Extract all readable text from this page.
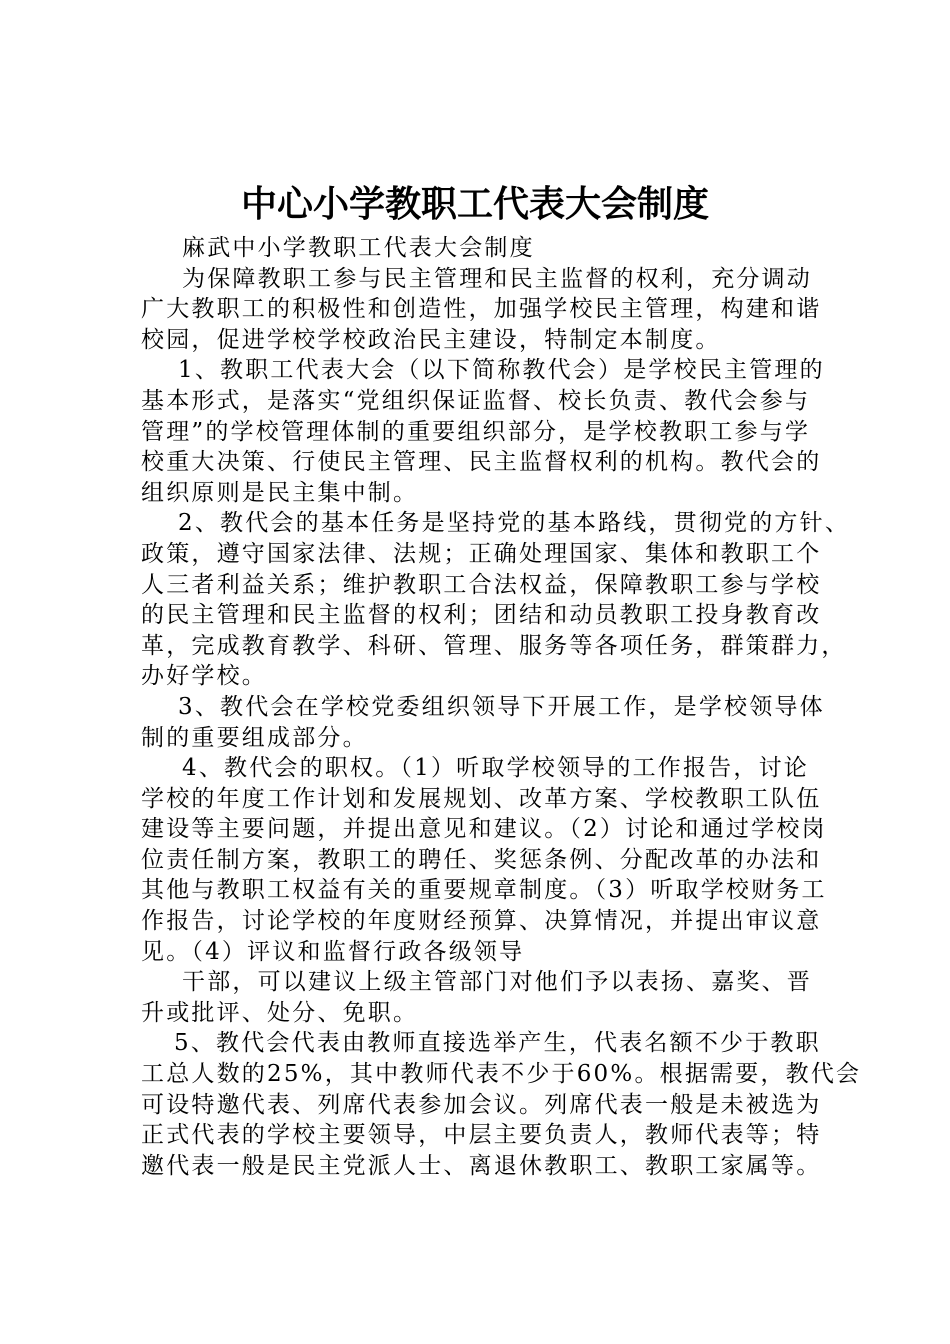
中心小学教职工代表大会制度
麻武中小学教职工代表大会制度
为保障教职工参与民主管理和民主监督的权利，充分调动
广大教职工的积极性和创造性，加强学校民主管理，构建和谐
校园，促进学校学校政治民主建设，特制定本制度。
1、教职工代表大会（以下简称教代会）是学校民主管理的
基本形式，是落实“党组织保证监督、校长负责、教代会参与
管理”的学校管理体制的重要组织部分，是学校教职工参与学
校重大决策、行使民主管理、民主监督权利的机构。教代会的
组织原则是民主集中制。
2、教代会的基本任务是坚持党的基本路线，贯彻党的方针、
政策，遵守国家法律、法规；正确处理国家、集体和教职工个
人三者利益关系；维护教职工合法权益，保障教职工参与学校
的民主管理和民主监督的权利；团结和动员教职工投身教育改
革，完成教育教学、科研、管理、服务等各项任务，群策群力，
办好学校。
3、教代会在学校党委组织领导下开展工作，是学校领导体
制的重要组成部分。
4、教代会的职权。（1）听取学校领导的工作报告，讨论
学校的年度工作计划和发展规划、改革方案、学校教职工队伍
建设等主要问题，并提出意见和建议。（2）讨论和通过学校岗
位责任制方案，教职工的聘任、奖惩条例、分配改革的办法和
其他与教职工权益有关的重要规章制度。（3）听取学校财务工
作报告，讨论学校的年度财经预算、决算情况，并提出审议意
见。（4）评议和监督行政各级领导
干部，可以建议上级主管部门对他们予以表扬、嘉奖、晋
升或批评、处分、免职。
5、教代会代表由教师直接选举产生，代表名额不少于教职
工总人数的25%，其中教师代表不少于60%。根据需要，教代会
可设特邀代表、列席代表参加会议。列席代表一般是未被选为
正式代表的学校主要领导，中层主要负责人，教师代表等；特
邀代表一般是民主党派人士、离退休教职工、教职工家属等。
